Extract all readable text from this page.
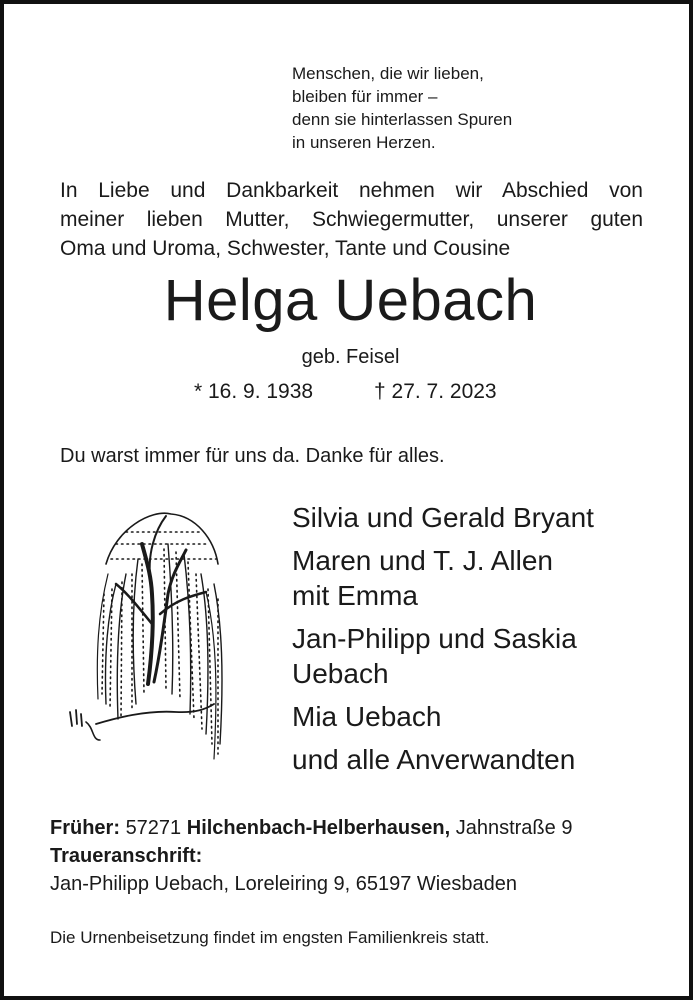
Menschen, die wir lieben,
bleiben für immer –
denn sie hinterlassen Spuren
in unseren Herzen.
In Liebe und Dankbarkeit nehmen wir Abschied von
meiner lieben Mutter, Schwiegermutter, unserer guten
Oma und Uroma, Schwester, Tante und Cousine
Helga Uebach
geb. Feisel
* 16. 9. 1938	† 27. 7. 2023
Du warst immer für uns da. Danke für alles.
Silvia und Gerald Bryant
Maren und T. J. Allen
mit Emma
Jan-Philipp und Saskia
Uebach
Mia Uebach
und alle Anverwandten
Früher: 57271 Hilchenbach-Helberhausen, Jahnstraße 9
Traueranschrift:
Jan-Philipp Uebach, Loreleiring 9, 65197 Wiesbaden
Die Urnenbeisetzung findet im engsten Familienkreis statt.
